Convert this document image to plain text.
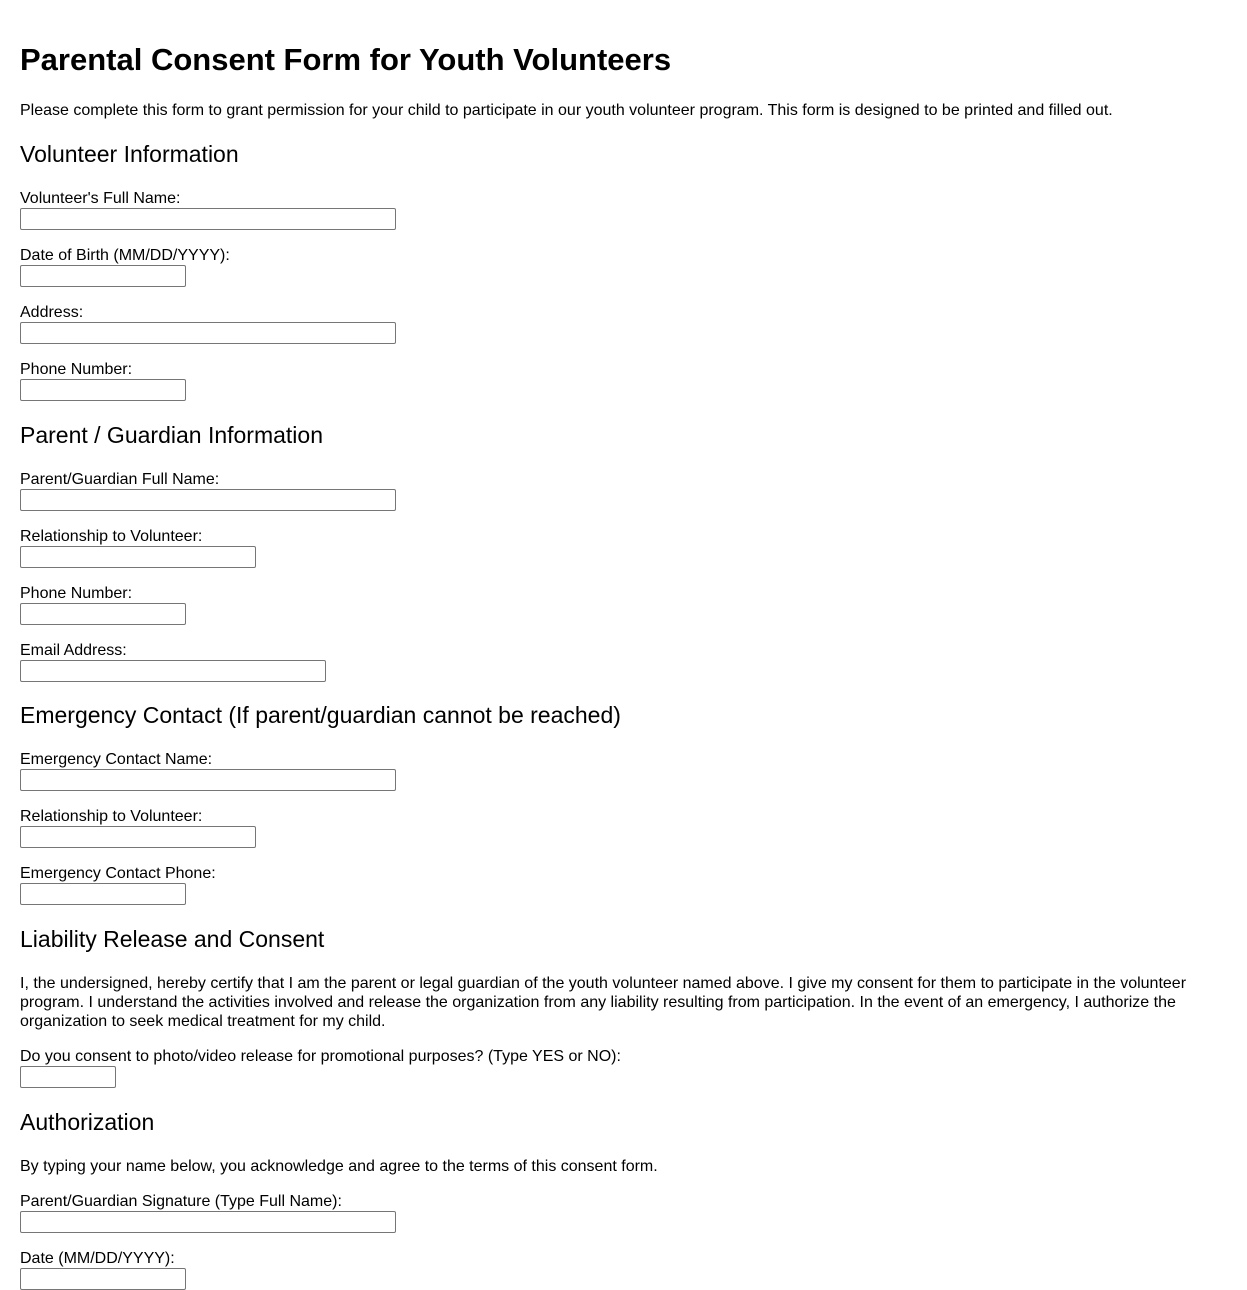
Parental Consent Form for Youth Volunteers
Please complete this form to grant permission for your child to participate in our youth volunteer program. This form is designed to be printed and filled out.
Volunteer Information
Volunteer's Full Name:
Date of Birth (MM/DD/YYYY):
Address:
Phone Number:
Parent / Guardian Information
Parent/Guardian Full Name:
Relationship to Volunteer:
Phone Number:
Email Address:
Emergency Contact (If parent/guardian cannot be reached)
Emergency Contact Name:
Relationship to Volunteer:
Emergency Contact Phone:
Liability Release and Consent
I, the undersigned, hereby certify that I am the parent or legal guardian of the youth volunteer named above. I give my consent for them to participate in the volunteer program. I understand the activities involved and release the organization from any liability resulting from participation. In the event of an emergency, I authorize the organization to seek medical treatment for my child.
Do you consent to photo/video release for promotional purposes? (Type YES or NO):
Authorization
By typing your name below, you acknowledge and agree to the terms of this consent form.
Parent/Guardian Signature (Type Full Name):
Date (MM/DD/YYYY):
